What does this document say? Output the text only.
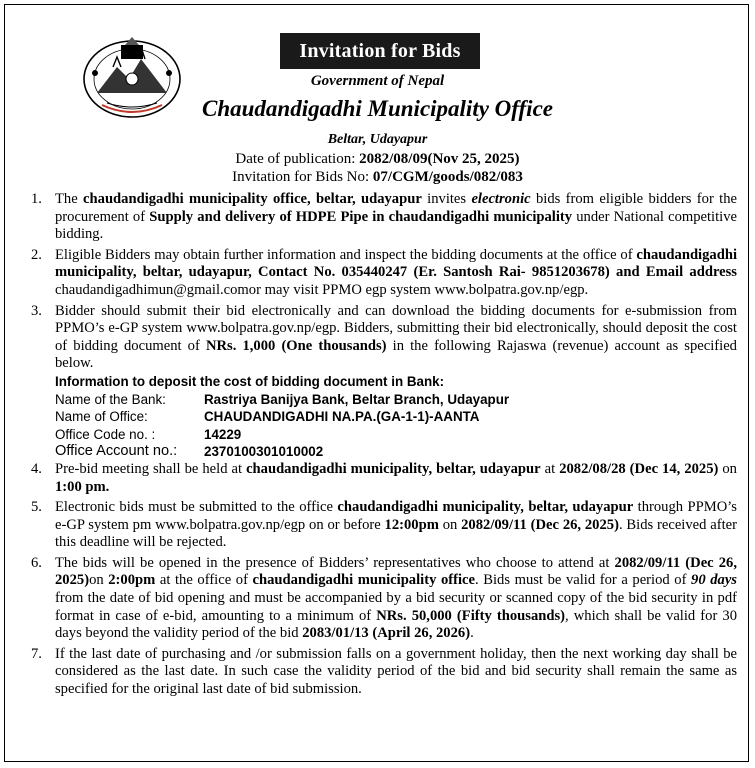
Invitation for Bids
Government of Nepal
Chaudandigadhi Municipality Office
Beltar, Udayapur
Date of publication: 2082/08/09(Nov 25, 2025)
Invitation for Bids No: 07/CGM/goods/082/083
1. The chaudandigadhi municipality office, beltar, udayapur invites electronic bids from eligible bidders for the procurement of Supply and delivery of HDPE Pipe in chaudandigadhi municipality under National competitive bidding.
2. Eligible Bidders may obtain further information and inspect the bidding documents at the office of chaudandigadhi municipality, beltar, udayapur, Contact No. 035440247 (Er. Santosh Rai- 9851203678) and Email address chaudandigadhimun@gmail.comor may visit PPMO egp system www.bolpatra.gov.np/egp.
3. Bidder should submit their bid electronically and can download the bidding documents for e-submission from PPMO’s e-GP system www.bolpatra.gov.np/egp. Bidders, submitting their bid electronically, should deposit the cost of bidding document of NRs. 1,000 (One thousands) in the following Rajaswa (revenue) account as specified below.
Information to deposit the cost of bidding document in Bank:
Name of the Bank:	Rastriya Banijya Bank, Beltar Branch, Udayapur
Name of Office:	CHAUDANDIGADHI NA.PA.(GA-1-1)-AANTA
Office Code no. :	14229
Office Account no.:	2370100301010002
4. Pre-bid meeting shall be held at chaudandigadhi municipality, beltar, udayapur at 2082/08/28 (Dec 14, 2025) on 1:00 pm.
5. Electronic bids must be submitted to the office chaudandigadhi municipality, beltar, udayapur through PPMO’s e-GP system pm www.bolpatra.gov.np/egp on or before 12:00pm on 2082/09/11 (Dec 26, 2025). Bids received after this deadline will be rejected.
6. The bids will be opened in the presence of Bidders’ representatives who choose to attend at 2082/09/11 (Dec 26, 2025)on 2:00pm at the office of chaudandigadhi municipality office. Bids must be valid for a period of 90 days from the date of bid opening and must be accompanied by a bid security or scanned copy of the bid security in pdf format in case of e-bid, amounting to a minimum of NRs. 50,000 (Fifty thousands), which shall be valid for 30 days beyond the validity period of the bid 2083/01/13 (April 26, 2026).
7. If the last date of purchasing and /or submission falls on a government holiday, then the next working day shall be considered as the last date. In such case the validity period of the bid and bid security shall remain the same as specified for the original last date of bid submission.
